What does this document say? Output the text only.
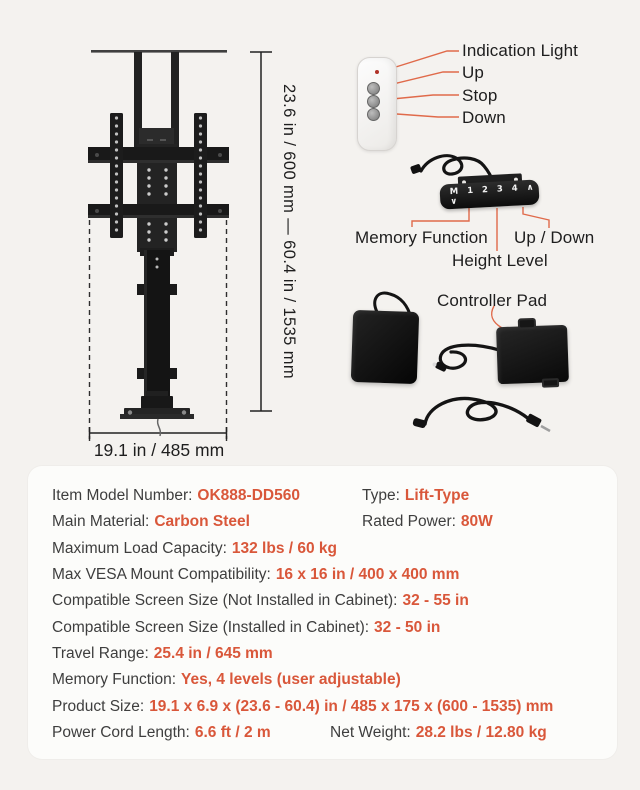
M 1 2 3 4 ∧ ∨
23.6 in / 600 mm — 60.4 in / 1535 mm
19.1 in / 485 mm
Indication Light
Up
Stop
Down
Memory Function Up / Down
Height Level
Controller Pad
Item Model Number: OK888-DD560	Type: Lift-Type
Main Material: Carbon Steel	Rated Power: 80W
Maximum Load Capacity: 132 lbs / 60 kg
Max VESA Mount Compatibility: 16 x 16 in / 400 x 400 mm
Compatible Screen Size (Not Installed in Cabinet): 32 - 55 in
Compatible Screen Size (Installed in Cabinet): 32 - 50 in
Travel Range: 25.4 in / 645 mm
Memory Function: Yes, 4 levels (user adjustable)
Product Size: 19.1 x 6.9 x (23.6 - 60.4) in / 485 x 175 x (600 - 1535) mm
Power Cord Length: 6.6 ft / 2 m	Net Weight: 28.2 lbs / 12.80 kg
